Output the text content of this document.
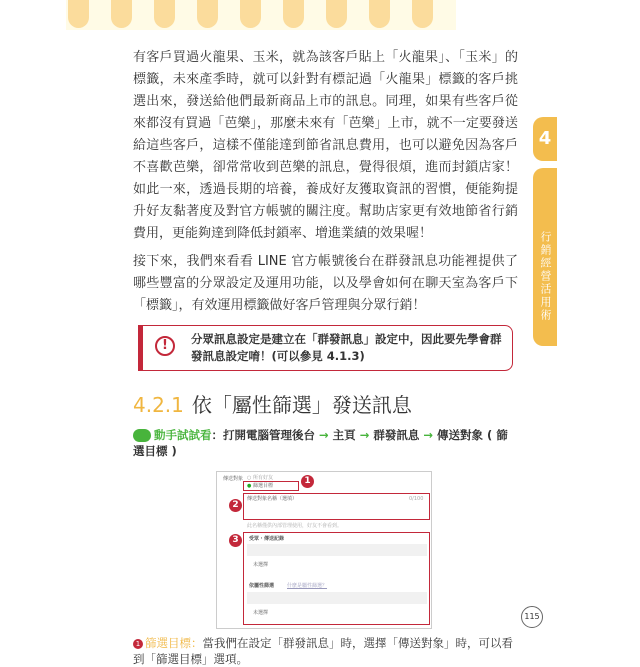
有客戶買過火龍果、玉米，就為該客戶貼上「火龍果」、「玉米」的標籤，未來產季時，就可以針對有標記過「火龍果」標籤的客戶挑選出來，發送給他們最新商品上市的訊息。同理，如果有些客戶從來都沒有買過「芭樂」，那麼未來有「芭樂」上市，就不一定要發送給這些客戶，這樣不僅能達到節省訊息費用，也可以避免因為客戶不喜歡芭樂，卻常常收到芭樂的訊息，覺得很煩，進而封鎖店家！如此一來，透過長期的培養，養成好友獲取資訊的習慣，便能夠提升好友黏著度及對官方帳號的關注度。幫助店家更有效地節省行銷費用，更能夠達到降低封鎖率、增進業績的效果喔！

接下來，我們來看看 LINE 官方帳號後台在群發訊息功能裡提供了哪些豐富的分眾設定及運用功能，以及學會如何在聊天室為客戶下「標籤」，有效運用標籤做好客戶管理與分眾行銷！

!	分眾訊息設定是建立在「群發訊息」設定中，因此要先學會群發訊息設定唷！(可以參見 4.1.3)
4.2.1 依「屬性篩選」發送訊息
動手試試看：打開電腦管理後台 → 主頁 → 群發訊息 → 傳送對象 ( 篩選目標 )
傳送對象 ○ 所有好友
● 篩選目標	1
傳送對象名稱（選填）	0/100
2
此名稱僅供內部管理使用，好友不會看到。
3	受眾・傳送記錄
未選擇
依屬性篩選	什麼是屬性篩選？
未選擇
1 篩選目標：當我們在設定「群發訊息」時，選擇「傳送對象」時，可以看到「篩選目標」選項。
115
4
行銷經營活用術
